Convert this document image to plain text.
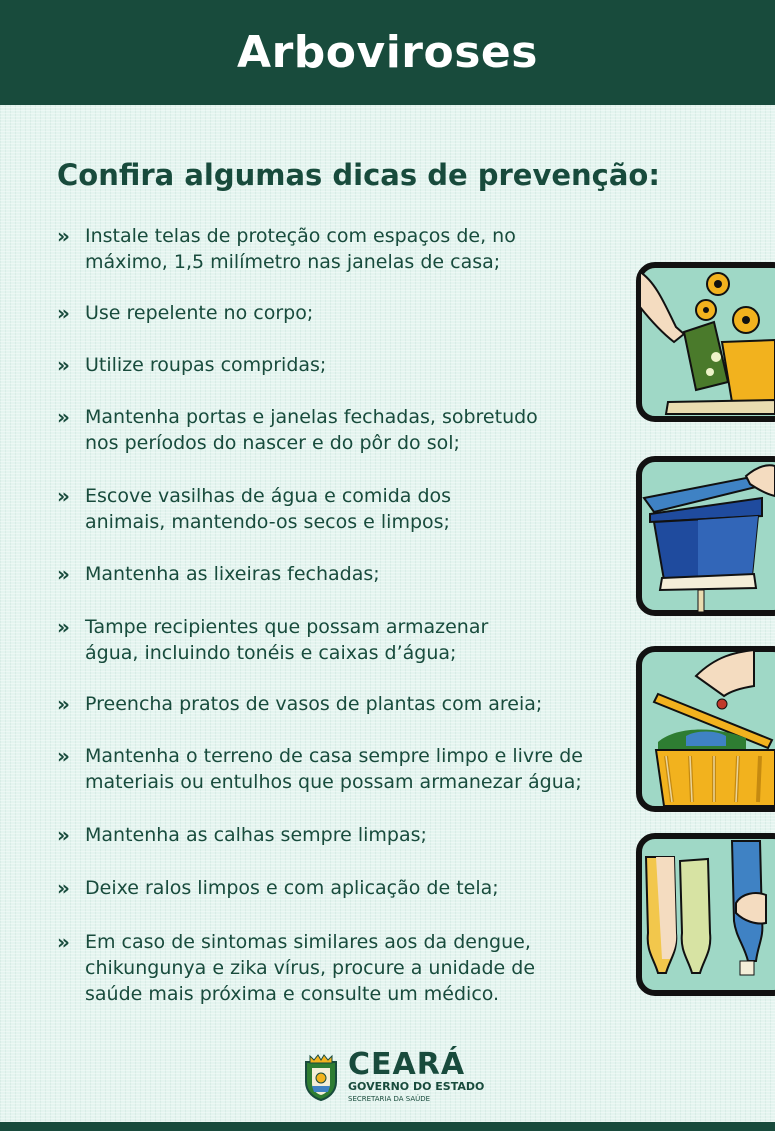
Arboviroses
Confira algumas dicas de prevenção:
» Instale telas de proteção com espaços de, no
máximo, 1,5 milímetro nas janelas de casa;
» Use repelente no corpo;
» Utilize roupas compridas;
» Mantenha portas e janelas fechadas, sobretudo
nos períodos do nascer e do pôr do sol;
» Escove vasilhas de água e comida dos
animais, mantendo-os secos e limpos;
» Mantenha as lixeiras fechadas;
» Tampe recipientes que possam armazenar
água, incluindo tonéis e caixas d’água;
» Preencha pratos de vasos de plantas com areia;
» Mantenha o terreno de casa sempre limpo e livre de
materiais ou entulhos que possam armanezar água;
» Mantenha as calhas sempre limpas;
» Deixe ralos limpos e com aplicação de tela;
» Em caso de sintomas similares aos da dengue,
chikungunya e zika vírus, procure a unidade de
saúde mais próxima e consulte um médico.
CEARÁ
GOVERNO DO ESTADO
SECRETARIA DA SAÚDE
